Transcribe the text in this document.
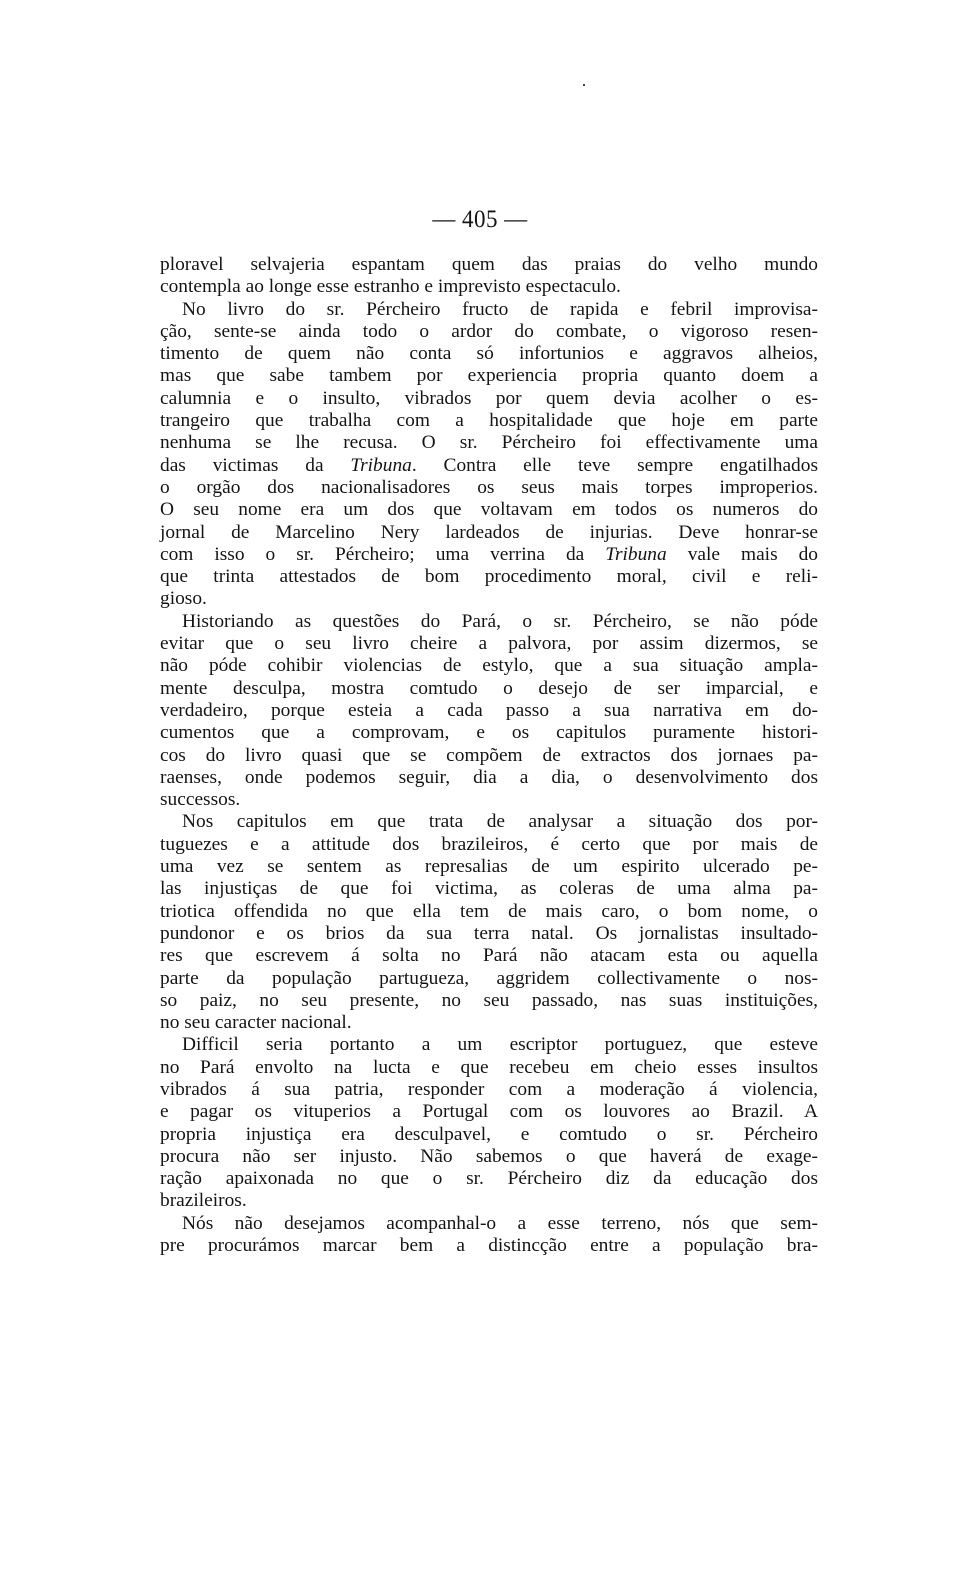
— 405 —
ploravel selvajeria espantam quem das praias do velho mundo
contempla ao longe esse estranho e imprevisto espectaculo.
No livro do sr. Pércheiro fructo de rapida e febril improvisa-
ção, sente-se ainda todo o ardor do combate, o vigoroso resen-
timento de quem não conta só infortunios e aggravos alheios,
mas que sabe tambem por experiencia propria quanto doem a
calumnia e o insulto, vibrados por quem devia acolher o es-
trangeiro que trabalha com a hospitalidade que hoje em parte
nenhuma se lhe recusa. O sr. Pércheiro foi effectivamente uma
das victimas da Tribuna. Contra elle teve sempre engatilhados
o orgão dos nacionalisadores os seus mais torpes improperios.
O seu nome era um dos que voltavam em todos os numeros do
jornal de Marcelino Nery lardeados de injurias. Deve honrar-se
com isso o sr. Pércheiro; uma verrina da Tribuna vale mais do
que trinta attestados de bom procedimento moral, civil e reli-
gioso.
Historiando as questões do Pará, o sr. Pércheiro, se não póde
evitar que o seu livro cheire a palvora, por assim dizermos, se
não póde cohibir violencias de estylo, que a sua situação ampla-
mente desculpa, mostra comtudo o desejo de ser imparcial, e
verdadeiro, porque esteia a cada passo a sua narrativa em do-
cumentos que a comprovam, e os capitulos puramente histori-
cos do livro quasi que se compõem de extractos dos jornaes pa-
raenses, onde podemos seguir, dia a dia, o desenvolvimento dos
successos.
Nos capitulos em que trata de analysar a situação dos por-
tuguezes e a attitude dos brazileiros, é certo que por mais de
uma vez se sentem as represalias de um espirito ulcerado pe-
las injustiças de que foi victima, as coleras de uma alma pa-
triotica offendida no que ella tem de mais caro, o bom nome, o
pundonor e os brios da sua terra natal. Os jornalistas insultado-
res que escrevem á solta no Pará não atacam esta ou aquella
parte da população partugueza, aggridem collectivamente o nos-
so paiz, no seu presente, no seu passado, nas suas instituições,
no seu caracter nacional.
Difficil seria portanto a um escriptor portuguez, que esteve
no Pará envolto na lucta e que recebeu em cheio esses insultos
vibrados á sua patria, responder com a moderação á violencia,
e pagar os vituperios a Portugal com os louvores ao Brazil. A
propria injustiça era desculpavel, e comtudo o sr. Pércheiro
procura não ser injusto. Não sabemos o que haverá de exage-
ração apaixonada no que o sr. Pércheiro diz da educação dos
brazileiros.
Nós não desejamos acompanhal-o a esse terreno, nós que sem-
pre procurámos marcar bem a distincção entre a população bra-
